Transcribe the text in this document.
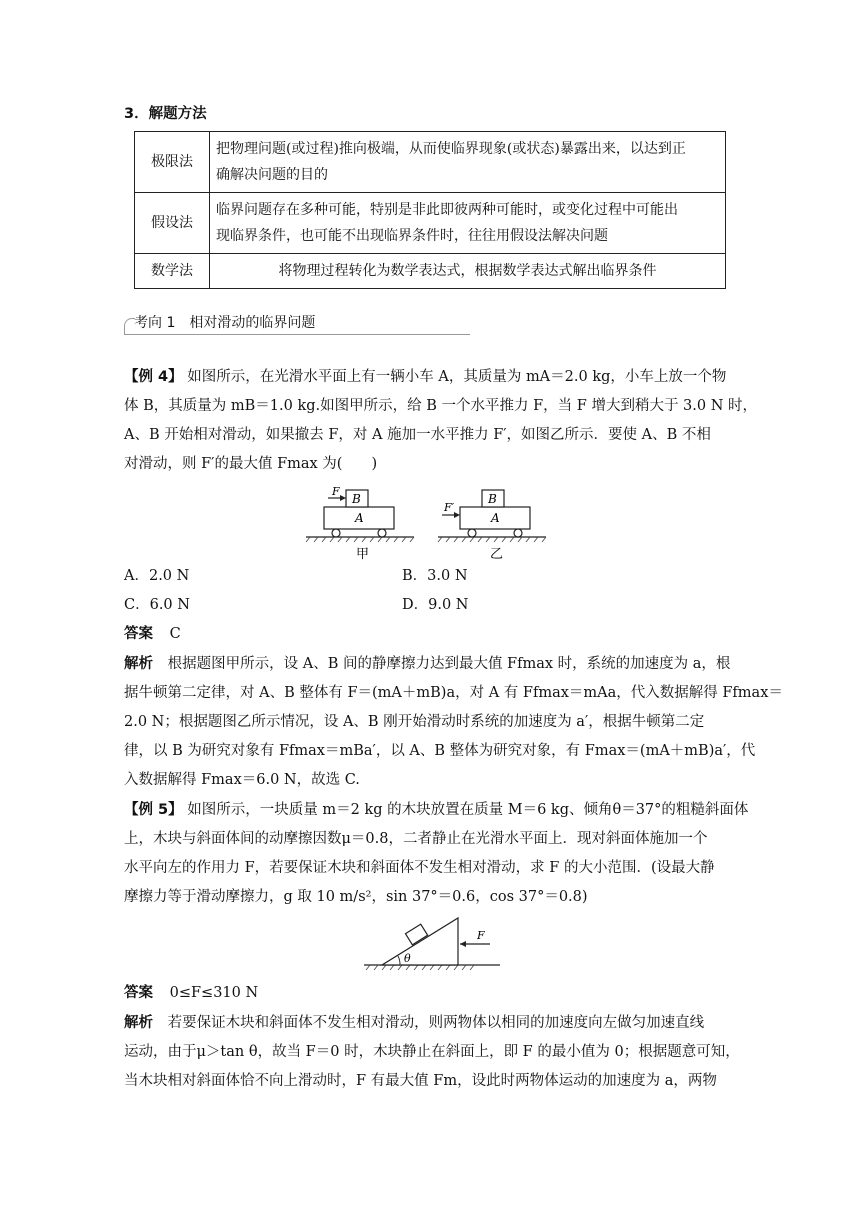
3．解题方法
极限法	把物理问题(或过程)推向极端，从而使临界现象(或状态)暴露出来，以达到正
确解决问题的目的

假设法	临界问题存在多种可能，特别是非此即彼两种可能时，或变化过程中可能出
现临界条件，也可能不出现临界条件时，往往用假设法解决问题

数学法	将物理过程转化为数学表达式，根据数学表达式解出临界条件
考向 1　相对滑动的临界问题
【例 4】 如图所示，在光滑水平面上有一辆小车 A，其质量为 mA＝2.0 kg，小车上放一个物
体 B，其质量为 mB＝1.0 kg.如图甲所示，给 B 一个水平推力 F，当 F 增大到稍大于 3.0 N 时，
A、B 开始相对滑动，如果撤去 F，对 A 施加一水平推力 F′，如图乙所示．要使 A、B 不相
对滑动，则 F′的最大值 Fmax 为(　　)
A
B
F
甲
A
B
F′
乙
A．2.0 N	B．3.0 N
C．6.0 N	D．9.0 N
答案 C
解析 根据题图甲所示，设 A、B 间的静摩擦力达到最大值 Ffmax 时，系统的加速度为 a，根
据牛顿第二定律，对 A、B 整体有 F＝(mA＋mB)a，对 A 有 Ffmax＝mAa，代入数据解得 Ffmax＝
2.0 N；根据题图乙所示情况，设 A、B 刚开始滑动时系统的加速度为 a′，根据牛顿第二定
律，以 B 为研究对象有 Ffmax＝mBa′，以 A、B 整体为研究对象，有 Fmax＝(mA＋mB)a′，代
入数据解得 Fmax＝6.0 N，故选 C.
【例 5】 如图所示，一块质量 m＝2 kg 的木块放置在质量 M＝6 kg、倾角θ＝37°的粗糙斜面体
上，木块与斜面体间的动摩擦因数μ＝0.8，二者静止在光滑水平面上．现对斜面体施加一个
水平向左的作用力 F，若要保证木块和斜面体不发生相对滑动，求 F 的大小范围．(设最大静
摩擦力等于滑动摩擦力，g 取 10 m/s²，sin 37°＝0.6，cos 37°＝0.8)
θ
F
答案 0≤F≤310 N
解析 若要保证木块和斜面体不发生相对滑动，则两物体以相同的加速度向左做匀加速直线
运动，由于μ＞tan θ，故当 F＝0 时，木块静止在斜面上，即 F 的最小值为 0；根据题意可知，
当木块相对斜面体恰不向上滑动时，F 有最大值 Fm，设此时两物体运动的加速度为 a，两物
